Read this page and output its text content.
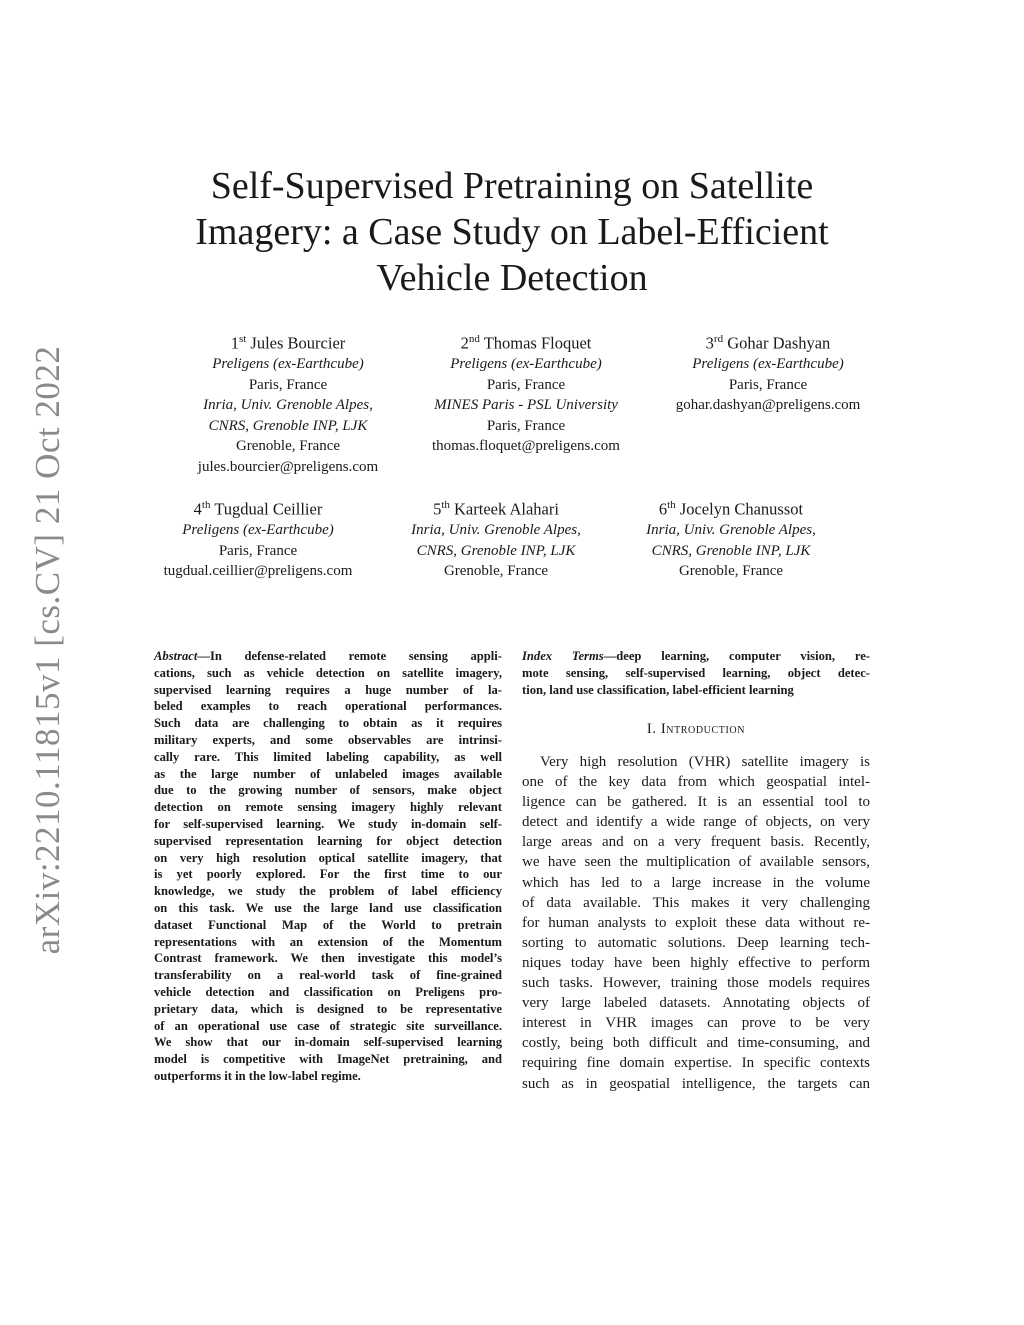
arXiv:2210.11815v1 [cs.CV] 21 Oct 2022
Self-Supervised Pretraining on Satellite
Imagery: a Case Study on Label-Efficient
Vehicle Detection
1st Jules Bourcier
Preligens (ex-Earthcube)
Paris, France
Inria, Univ. Grenoble Alpes,
CNRS, Grenoble INP, LJK
Grenoble, France
jules.bourcier@preligens.com
2nd Thomas Floquet
Preligens (ex-Earthcube)
Paris, France
MINES Paris - PSL University
Paris, France
thomas.floquet@preligens.com
3rd Gohar Dashyan
Preligens (ex-Earthcube)
Paris, France
gohar.dashyan@preligens.com
4th Tugdual Ceillier
Preligens (ex-Earthcube)
Paris, France
tugdual.ceillier@preligens.com
5th Karteek Alahari
Inria, Univ. Grenoble Alpes,
CNRS, Grenoble INP, LJK
Grenoble, France
6th Jocelyn Chanussot
Inria, Univ. Grenoble Alpes,
CNRS, Grenoble INP, LJK
Grenoble, France
Abstract—In defense-related remote sensing appli-
cations, such as vehicle detection on satellite imagery,
supervised learning requires a huge number of la-
beled examples to reach operational performances.
Such data are challenging to obtain as it requires
military experts, and some observables are intrinsi-
cally rare. This limited labeling capability, as well
as the large number of unlabeled images available
due to the growing number of sensors, make object
detection on remote sensing imagery highly relevant
for self-supervised learning. We study in-domain self-
supervised representation learning for object detection
on very high resolution optical satellite imagery, that
is yet poorly explored. For the first time to our
knowledge, we study the problem of label efficiency
on this task. We use the large land use classification
dataset Functional Map of the World to pretrain
representations with an extension of the Momentum
Contrast framework. We then investigate this model’s
transferability on a real-world task of fine-grained
vehicle detection and classification on Preligens pro-
prietary data, which is designed to be representative
of an operational use case of strategic site surveillance.
We show that our in-domain self-supervised learning
model is competitive with ImageNet pretraining, and
outperforms it in the low-label regime.
Index Terms—deep learning, computer vision, re-
mote sensing, self-supervised learning, object detec-
tion, land use classification, label-efficient learning
I. Introduction
Very high resolution (VHR) satellite imagery is
one of the key data from which geospatial intel-
ligence can be gathered. It is an essential tool to
detect and identify a wide range of objects, on very
large areas and on a very frequent basis. Recently,
we have seen the multiplication of available sensors,
which has led to a large increase in the volume
of data available. This makes it very challenging
for human analysts to exploit these data without re-
sorting to automatic solutions. Deep learning tech-
niques today have been highly effective to perform
such tasks. However, training those models requires
very large labeled datasets. Annotating objects of
interest in VHR images can prove to be very
costly, being both difficult and time-consuming, and
requiring fine domain expertise. In specific contexts
such as in geospatial intelligence, the targets can
